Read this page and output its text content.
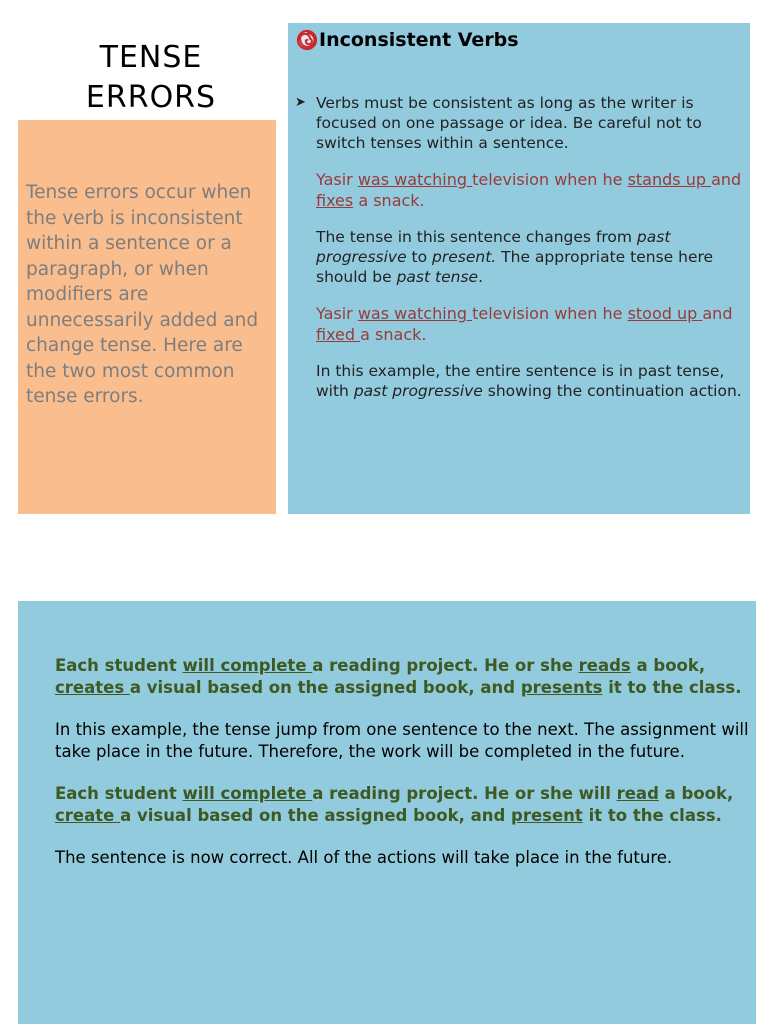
TENSE
ERRORS

Tense errors occur when the verb is inconsistent within a sentence or a paragraph, or when modifiers are unnecessarily added and change tense. Here are the two most common tense errors.

Inconsistent Verbs

➤ Verbs must be consistent as long as the writer is focused on one passage or idea. Be careful not to switch tenses within a sentence.

Yasir was watching television when he stands up and fixes a snack.

The tense in this sentence changes from past progressive to present. The appropriate tense here should be past tense.

Yasir was watching television when he stood up and fixed a snack.

In this example, the entire sentence is in past tense, with past progressive showing the continuation action.

Each student will complete a reading project. He or she reads a book, creates a visual based on the assigned book, and presents it to the class.

In this example, the tense jump from one sentence to the next. The assignment will take place in the future. Therefore, the work will be completed in the future.

Each student will complete a reading project. He or she will read a book, create a visual based on the assigned book, and present it to the class.

The sentence is now correct. All of the actions will take place in the future.
